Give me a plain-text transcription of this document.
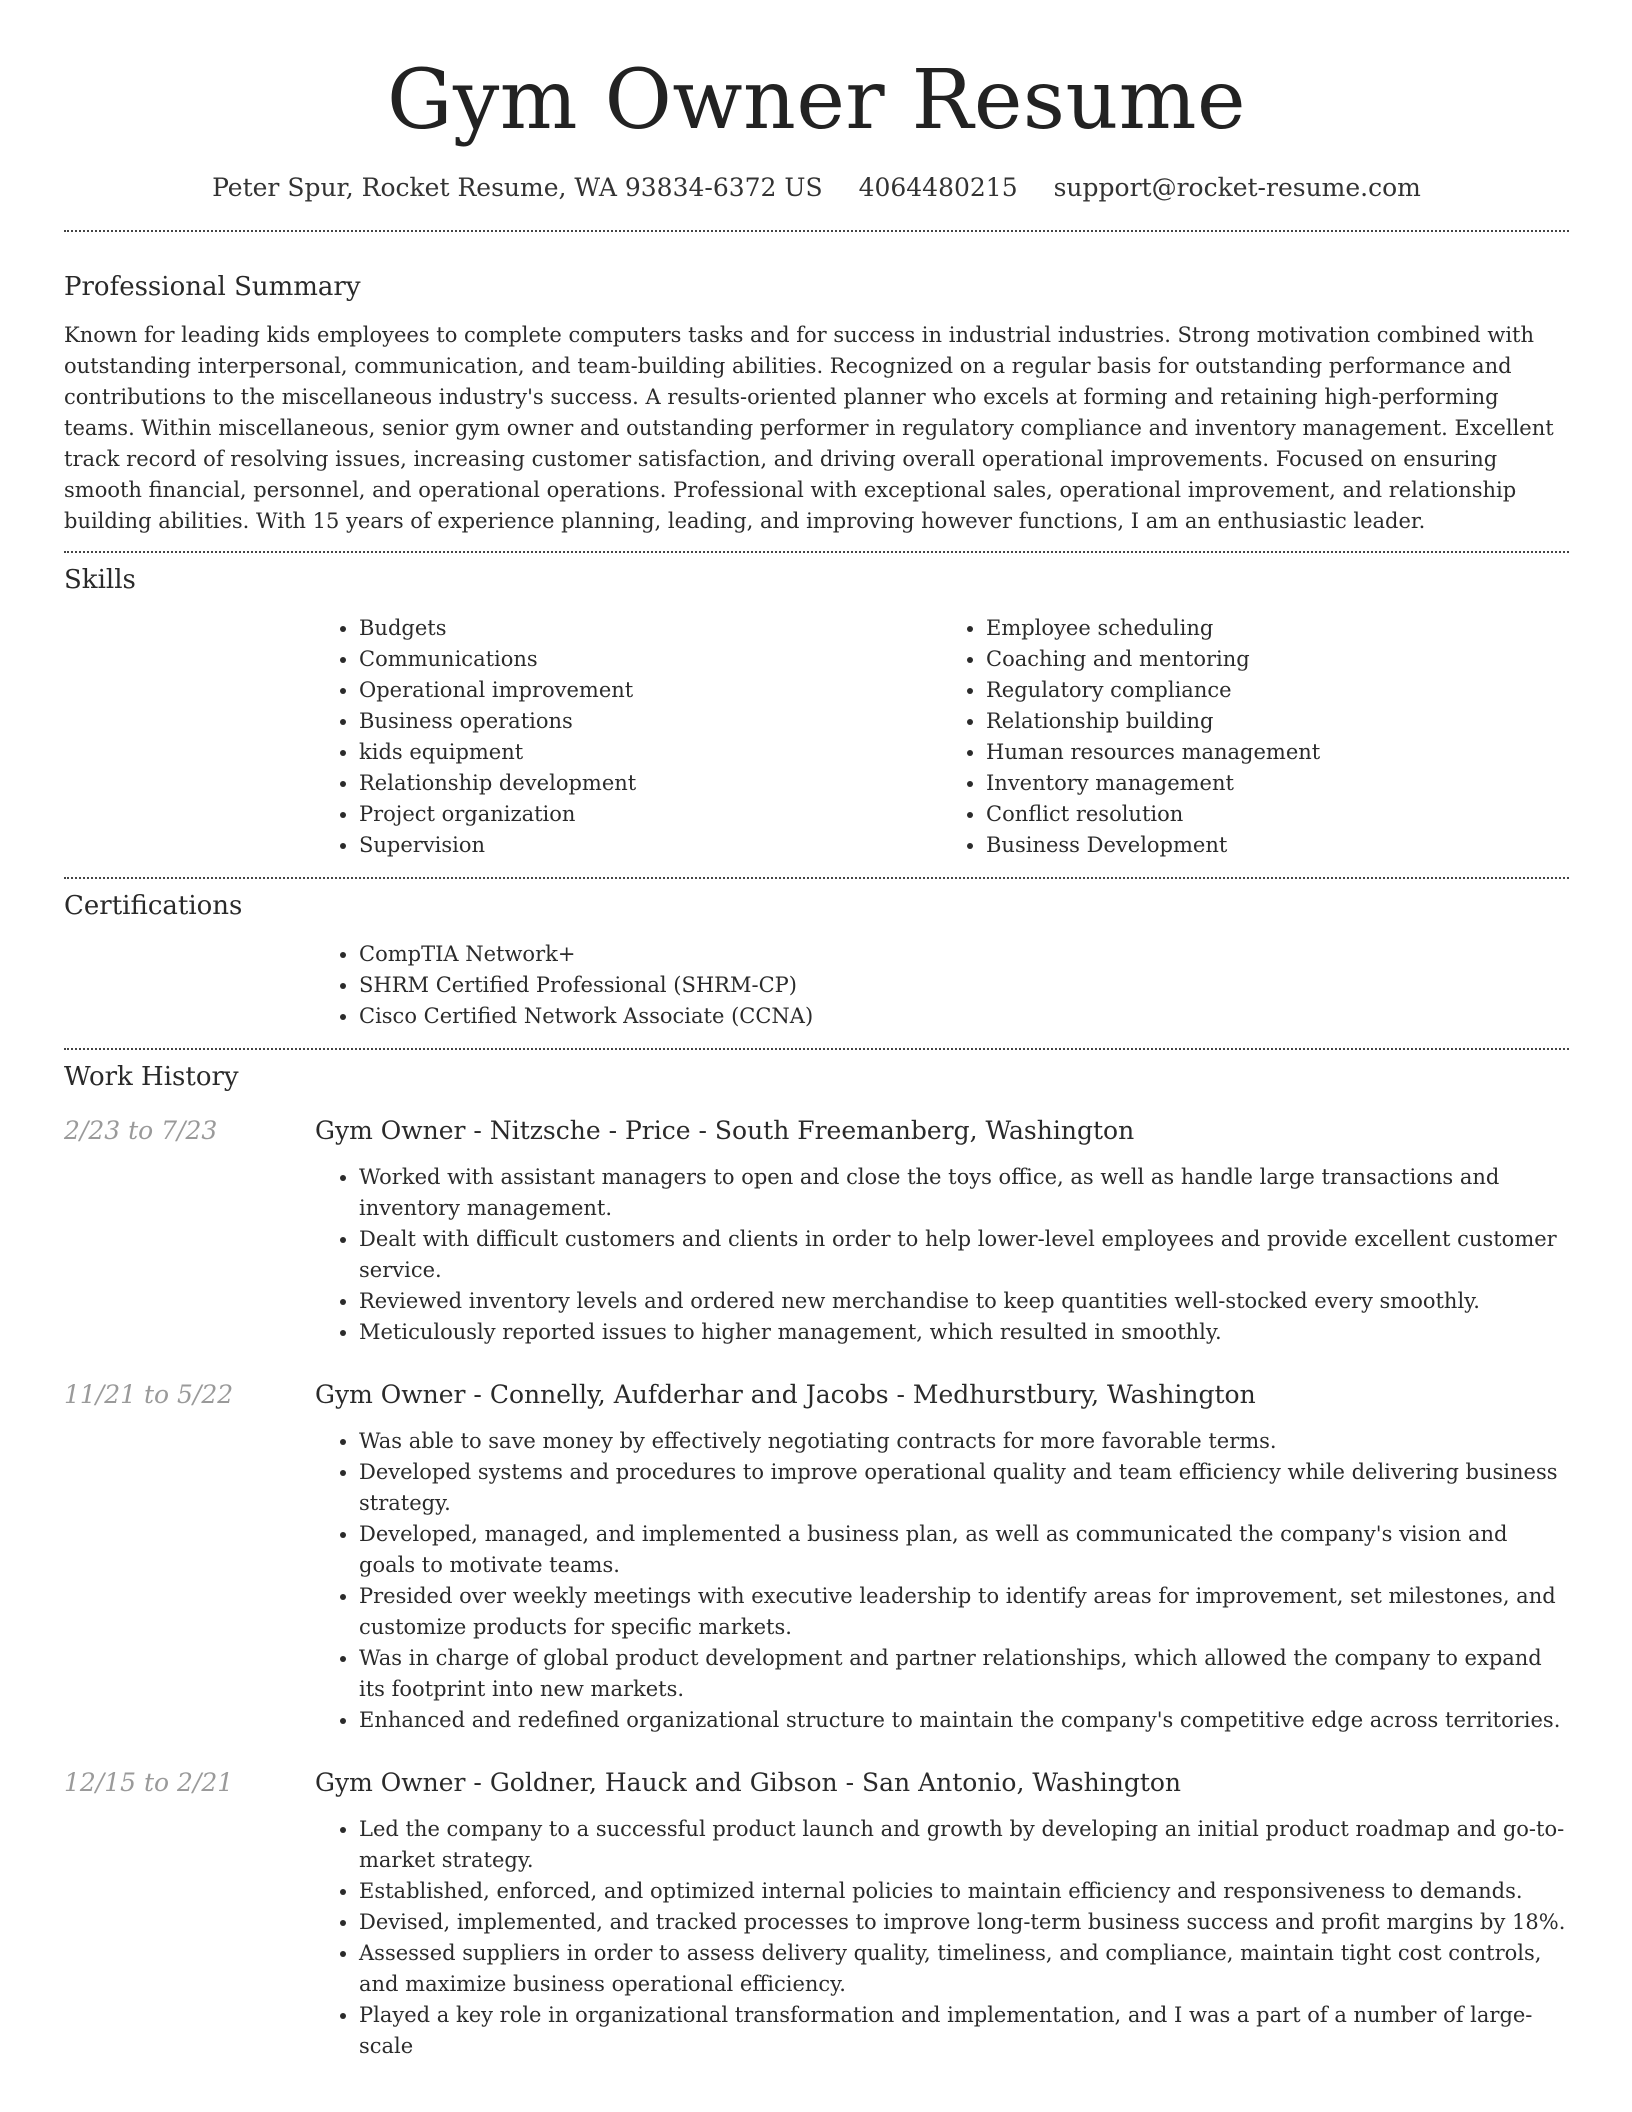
Gym Owner Resume
Peter Spur, Rocket Resume, WA 93834-6372 US 4064480215 support@rocket-resume.com
Professional Summary

Known for leading kids employees to complete computers tasks and for success in industrial industries. Strong motivation combined with outstanding interpersonal, communication, and team-building abilities. Recognized on a regular basis for outstanding performance and contributions to the miscellaneous industry's success. A results-oriented planner who excels at forming and retaining high-performing teams. Within miscellaneous, senior gym owner and outstanding performer in regulatory compliance and inventory management. Excellent track record of resolving issues, increasing customer satisfaction, and driving overall operational improvements. Focused on ensuring smooth financial, personnel, and operational operations. Professional with exceptional sales, operational improvement, and relationship building abilities. With 15 years of experience planning, leading, and improving however functions, I am an enthusiastic leader.

Skills
• Budgets
• Communications
• Operational improvement
• Business operations
• kids equipment
• Relationship development
• Project organization
• Supervision
• Employee scheduling
• Coaching and mentoring
• Regulatory compliance
• Relationship building
• Human resources management
• Inventory management
• Conflict resolution
• Business Development
Certifications
• CompTIA Network+
• SHRM Certified Professional (SHRM-CP)
• Cisco Certified Network Associate (CCNA)
Work History
2/23 to 7/23	Gym Owner - Nitzsche - Price - South Freemanberg, Washington

• Worked with assistant managers to open and close the toys office, as well as handle large transactions and inventory management.
• Dealt with difficult customers and clients in order to help lower-level employees and provide excellent customer service.
• Reviewed inventory levels and ordered new merchandise to keep quantities well-stocked every smoothly.
• Meticulously reported issues to higher management, which resulted in smoothly.
11/21 to 5/22	Gym Owner - Connelly, Aufderhar and Jacobs - Medhurstbury, Washington

• Was able to save money by effectively negotiating contracts for more favorable terms.
• Developed systems and procedures to improve operational quality and team efficiency while delivering business strategy.
• Developed, managed, and implemented a business plan, as well as communicated the company's vision and goals to motivate teams.
• Presided over weekly meetings with executive leadership to identify areas for improvement, set milestones, and customize products for specific markets.
• Was in charge of global product development and partner relationships, which allowed the company to expand its footprint into new markets.
• Enhanced and redefined organizational structure to maintain the company's competitive edge across territories.
12/15 to 2/21	Gym Owner - Goldner, Hauck and Gibson - San Antonio, Washington

• Led the company to a successful product launch and growth by developing an initial product roadmap and go-to-market strategy.
• Established, enforced, and optimized internal policies to maintain efficiency and responsiveness to demands.
• Devised, implemented, and tracked processes to improve long-term business success and profit margins by 18%.
• Assessed suppliers in order to assess delivery quality, timeliness, and compliance, maintain tight cost controls, and maximize business operational efficiency.
• Played a key role in organizational transformation and implementation, and I was a part of a number of large-scale
